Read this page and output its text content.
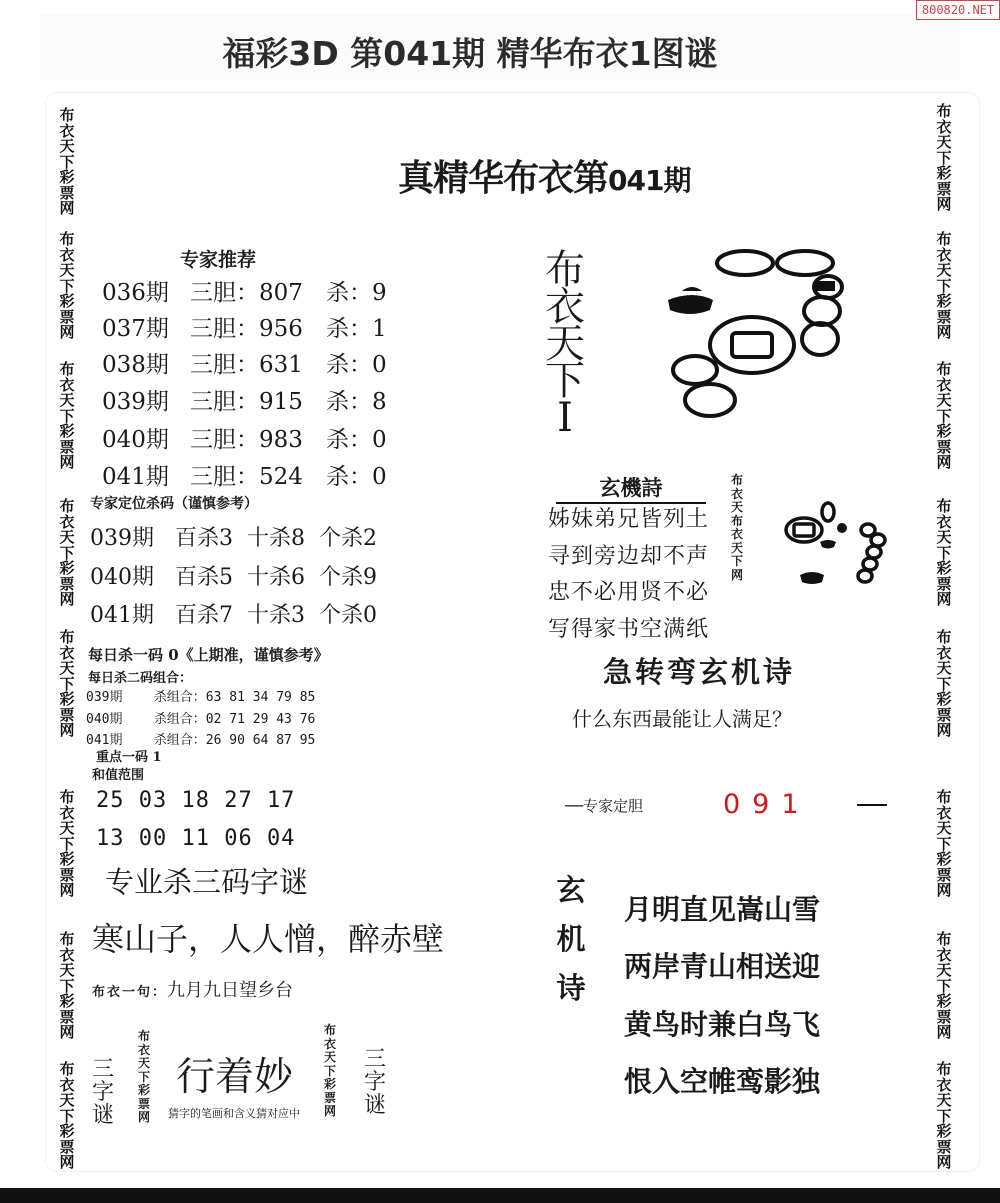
800820.NET
福彩3D 第041期 精华布衣1图谜
布
衣
天
下
彩
票
网
布
衣
天
下
彩
票
网
布
衣
天
下
彩
票
网
布
衣
天
下
彩
票
网
布
衣
天
下
彩
票
网
布
衣
天
下
彩
票
网
布
衣
天
下
彩
票
网
布
衣
天
下
彩
票
网
布
衣
天
下
彩
票
网
布
衣
天
下
彩
票
网
布
衣
天
下
彩
票
网
布
衣
天
下
彩
票
网
布
衣
天
下
彩
票
网
布
衣
天
下
彩
票
网
布
衣
天
下
彩
票
网
布
衣
天
下
彩
票
网
真精华布衣第041期
专家推荐
036期 三胆：807	杀：9
037期 三胆：956	杀：1
038期 三胆：631	杀：0
039期 三胆：915	杀：8
040期 三胆：983	杀：0
041期 三胆：524	杀：0
专家定位杀码（谨慎参考）
039期   百杀3  十杀8  个杀2
040期   百杀5  十杀6  个杀9
041期   百杀7  十杀3  个杀0
每日杀一码 0《上期准，谨慎参考》
每日杀二码组合：
039期    杀组合：63 81 34 79 85
040期    杀组合：02 71 29 43 76
041期    杀组合：26 90 64 87 95
重点一码 1
和值范围
25 03 18 27 17
13 00 11 06 04
专业杀三码字谜
寒山子，人人憎，醉赤壁
布衣一句：九月九日望乡台
三
字
谜
布
衣
天
下
彩
票
网
行着妙
猜字的笔画和含义猜对应中
布
衣
天
下
彩
票
网
三
字
谜
布
衣
天
下
I
玄機詩
姊妹弟兄皆列土
寻到旁边却不声
忠不必用贤不必
写得家书空满纸
布
衣
天
布
衣
天
下
网
急转弯玄机诗
什么东西最能让人满足？
──专家定胆	091
玄
机
诗
月明直见嵩山雪
两岸青山相送迎
黄鸟时兼白鸟飞
恨入空帷鸾影独
